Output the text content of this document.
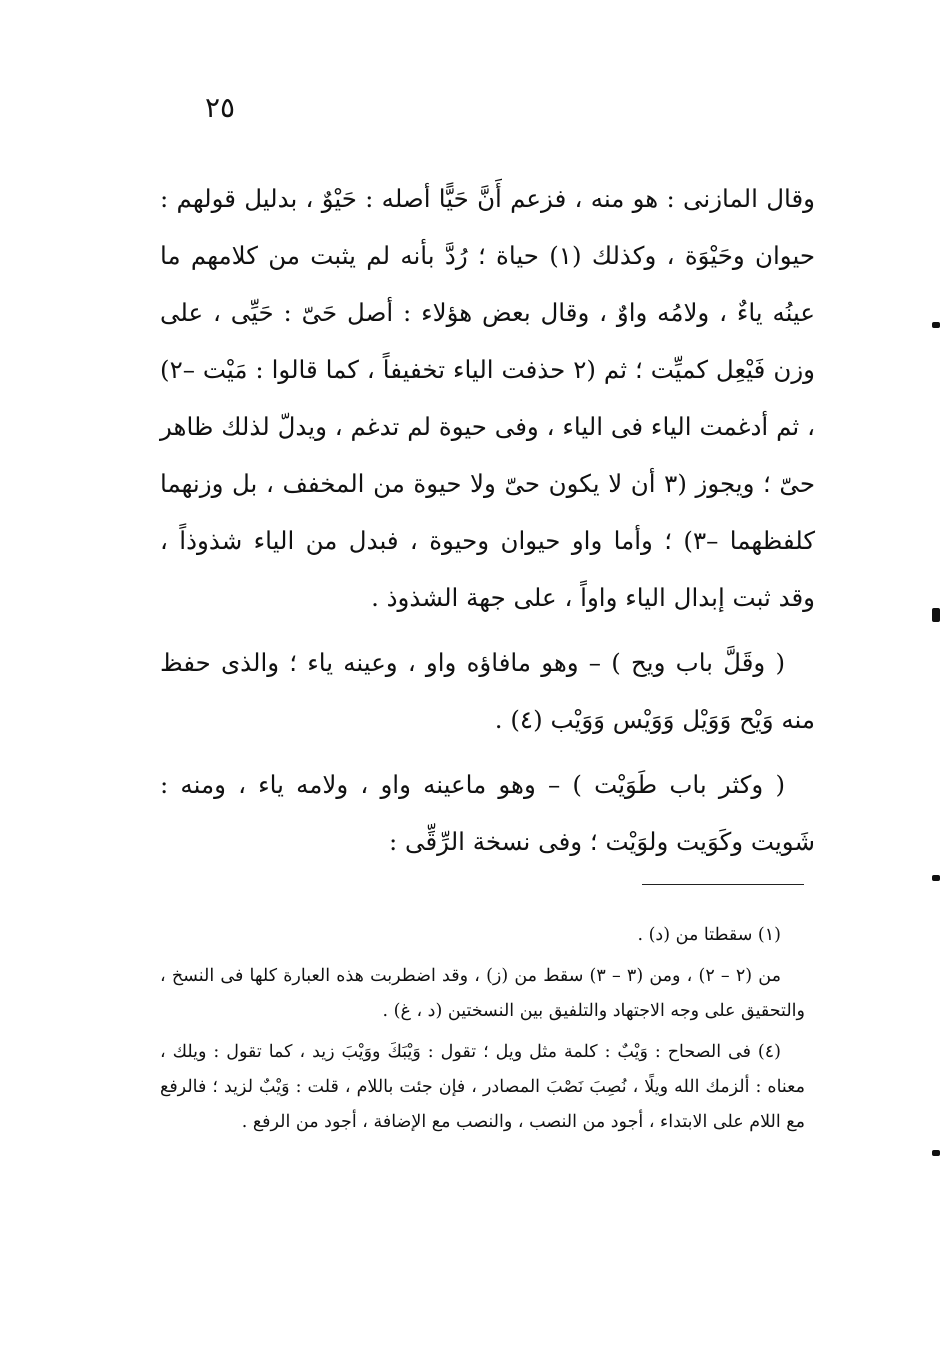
٢٥

وقال المازنى : هو منه ، فزعم أَنَّ حَيًّا أصله : حَيْوٌ ، بدليل قولهم : حيوان وحَيْوَة ، وكذلك (١) حياة ؛ رُدَّ بأنه لم يثبت من كلامهم ما عينُه ياءٌ ، ولامُه واوٌ ، وقال بعض هؤلاء : أصل حَىّ : حَيِّى ، على وزن فَيْعِل كميِّت ؛ ثم (٢ حذفت الياء تخفيفاً ، كما قالوا : مَيْت –٢) ، ثم أدغمت الياء فى الياء ، وفى حيوة لم تدغم ، ويدلّ لذلك ظاهر حىّ ؛ ويجوز (٣ أن لا يكون حىّ ولا حيوة من المخفف ، بل وزنهما كلفظهما –٣) ؛ وأما واو حيوان وحيوة ، فبدل من الياء شذوذاً ، وقد ثبت إبدال الياء واواً ، على جهة الشذوذ .

( وقَلَّ باب ويح ) – وهو مافاؤه واو ، وعينه ياء ؛ والذى حفظ منه وَيْح وَوَيْل وَوَيْس وَوَيْب (٤) .

( وكثر باب طَوَيْت ) – وهو ماعينه واو ، ولامه ياء ، ومنه : شَويت وكَوَيت ولوَيْت ؛ وفى نسخة الرِّقِّى :

(١) سقطتا من (د) .

من (٢ – ٢) ، ومن (٣ – ٣) سقط من (ز) ، وقد اضطربت هذه العبارة كلها فى النسخ ، والتحقيق على وجه الاجتهاد والتلفيق بين النسختين (د ، غ) .

(٤) فى الصحاح : وَيْبٌ : كلمة مثل ويل ؛ تقول : وَيْبَكَ ووَيْبَ زيد ، كما تقول : ويلك ، معناه : ألزمك الله ويلًا ، نُصِبَ نَصْبَ المصادر ، فإن جئت باللام ، قلت : وَيْبٌ لزيد ؛ فالرفع مع اللام على الابتداء ، أجود من النصب ، والنصب مع الإضافة ، أجود من الرفع .
